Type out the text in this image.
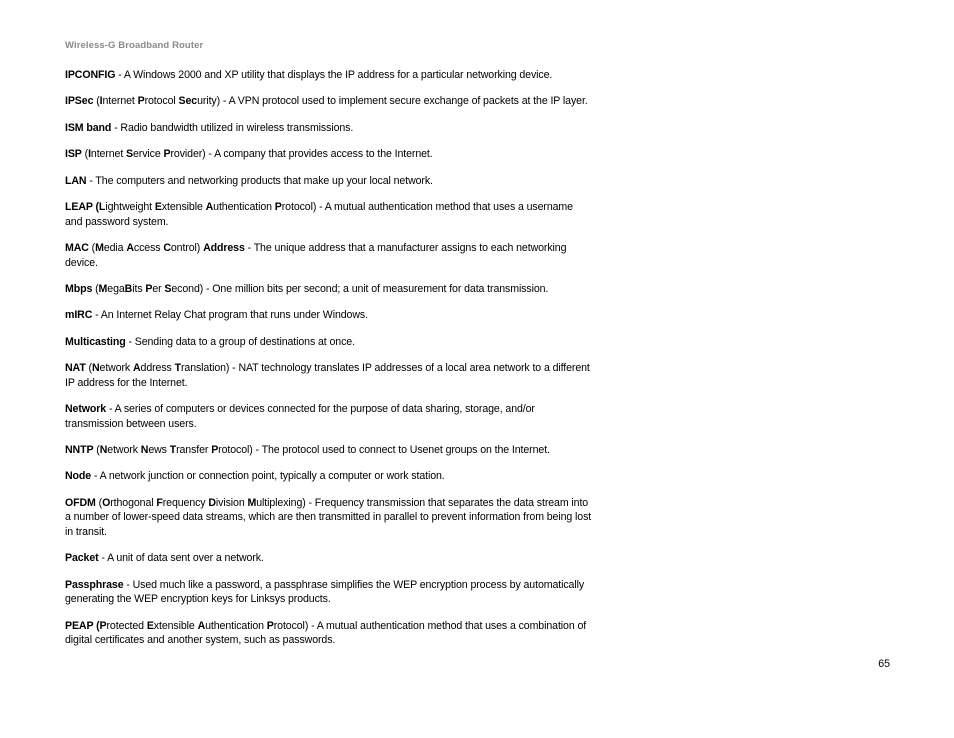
Wireless-G Broadband Router

IPCONFIG - A Windows 2000 and XP utility that displays the IP address for a particular networking device.

IPSec (Internet Protocol Security) - A VPN protocol used to implement secure exchange of packets at the IP layer.

ISM band - Radio bandwidth utilized in wireless transmissions.

ISP (Internet Service Provider) - A company that provides access to the Internet.

LAN - The computers and networking products that make up your local network.

LEAP (Lightweight Extensible Authentication Protocol) - A mutual authentication method that uses a username and password system.

MAC (Media Access Control) Address - The unique address that a manufacturer assigns to each networking device.

Mbps (MegaBits Per Second) - One million bits per second; a unit of measurement for data transmission.

mIRC - An Internet Relay Chat program that runs under Windows.

Multicasting - Sending data to a group of destinations at once.

NAT (Network Address Translation) - NAT technology translates IP addresses of a local area network to a different IP address for the Internet.

Network - A series of computers or devices connected for the purpose of data sharing, storage, and/or transmission between users.

NNTP (Network News Transfer Protocol) - The protocol used to connect to Usenet groups on the Internet.

Node - A network junction or connection point, typically a computer or work station.

OFDM (Orthogonal Frequency Division Multiplexing) - Frequency transmission that separates the data stream into a number of lower-speed data streams, which are then transmitted in parallel to prevent information from being lost in transit.

Packet - A unit of data sent over a network.

Passphrase - Used much like a password, a passphrase simplifies the WEP encryption process by automatically generating the WEP encryption keys for Linksys products.

PEAP (Protected Extensible Authentication Protocol) - A mutual authentication method that uses a combination of digital certificates and another system, such as passwords.

65
